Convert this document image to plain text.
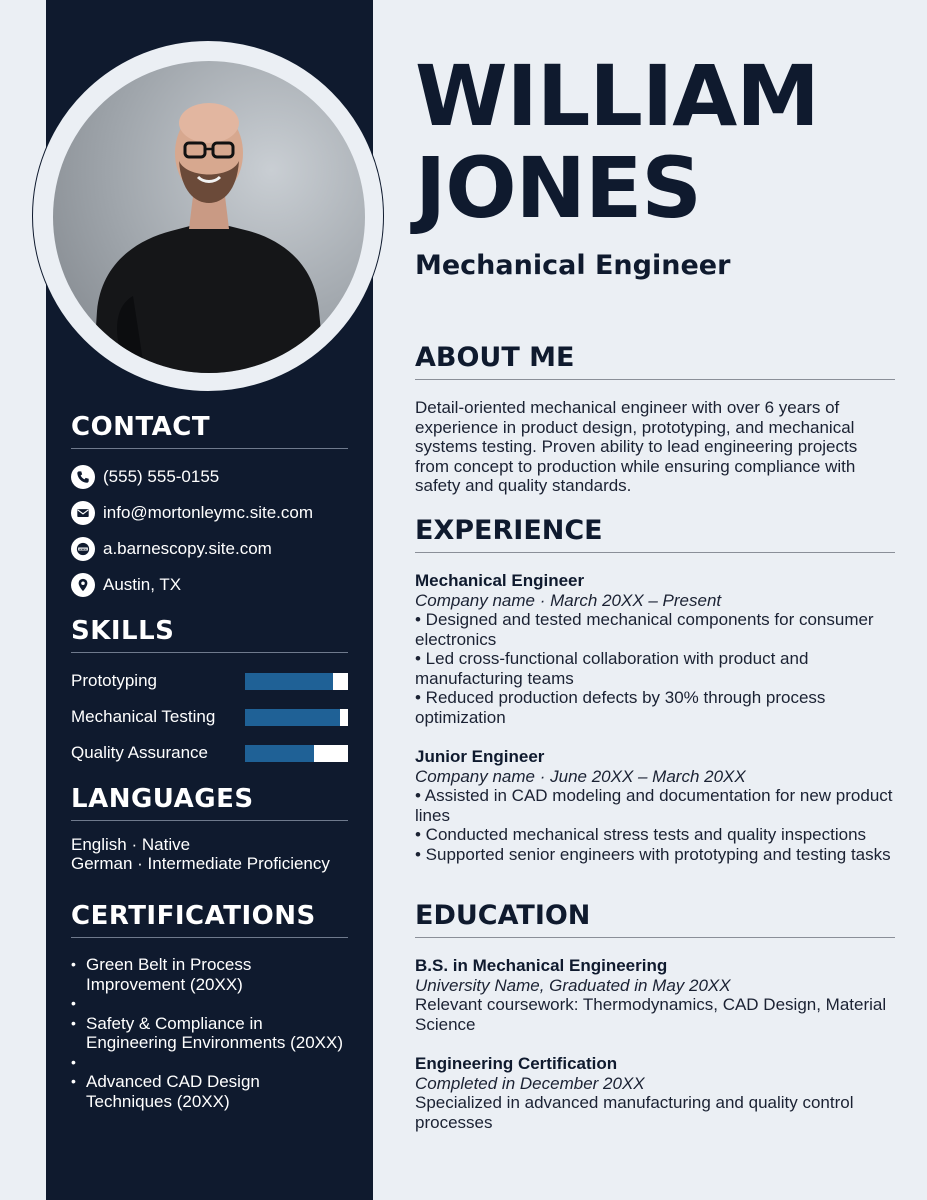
CONTACT
(555) 555-0155
info@mortonleymc.site.com
www a.barnescopy.site.com
Austin, TX
SKILLS
Prototyping
Mechanical Testing
Quality Assurance
LANGUAGES
English · Native
German · Intermediate Proficiency
CERTIFICATIONS
• Green Belt in Process Improvement (20XX)
•
• Safety & Compliance in Engineering Environments (20XX)
•
• Advanced CAD Design Techniques (20XX)
WILLIAM
JONES
Mechanical Engineer
ABOUT ME
Detail-oriented mechanical engineer with over 6 years of experience in product design, prototyping, and mechanical systems testing. Proven ability to lead engineering projects from concept to production while ensuring compliance with safety and quality standards.
EXPERIENCE
Mechanical Engineer
Company name · March 20XX – Present
• Designed and tested mechanical components for consumer electronics
• Led cross-functional collaboration with product and manufacturing teams
• Reduced production defects by 30% through process optimization
Junior Engineer
Company name · June 20XX – March 20XX
• Assisted in CAD modeling and documentation for new product lines
• Conducted mechanical stress tests and quality inspections
• Supported senior engineers with prototyping and testing tasks
EDUCATION
B.S. in Mechanical Engineering
University Name, Graduated in May 20XX
Relevant coursework: Thermodynamics, CAD Design, Material Science
Engineering Certification
Completed in December 20XX
Specialized in advanced manufacturing and quality control processes
